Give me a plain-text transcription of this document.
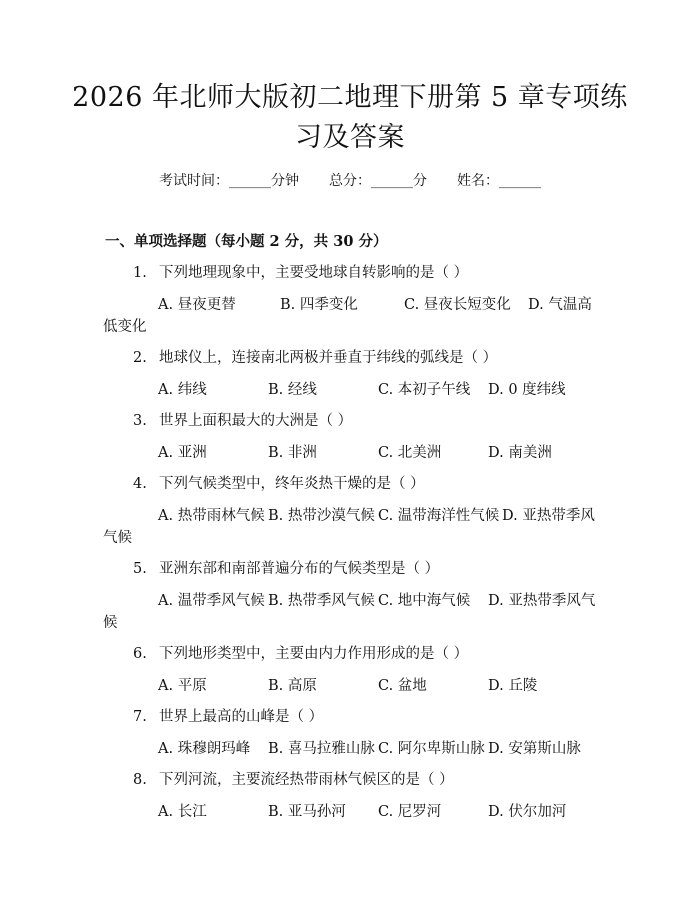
2026 年北师大版初二地理下册第 5 章专项练
习及答案
考试时间：______分钟 总分：______分 姓名：______
一、单项选择题（每小题 2 分，共 30 分）
1. 下列地理现象中，主要受地球自转影响的是（ ）
A. 昼夜更替	B. 四季变化	C. 昼夜长短变化 D. 气温高
低变化
2. 地球仪上，连接南北两极并垂直于纬线的弧线是（ ）
A. 纬线	B. 经线	C. 本初子午线 D. 0 度纬线
3. 世界上面积最大的大洲是（ ）
A. 亚洲	B. 非洲	C. 北美洲	D. 南美洲
4. 下列气候类型中，终年炎热干燥的是（ ）
A. 热带雨林气候 B. 热带沙漠气候 C. 温带海洋性气候 D. 亚热带季风
气候
5. 亚洲东部和南部普遍分布的气候类型是（ ）
A. 温带季风气候 B. 热带季风气候 C. 地中海气候 D. 亚热带季风气
候
6. 下列地形类型中，主要由内力作用形成的是（ ）
A. 平原	B. 高原	C. 盆地	D. 丘陵
7. 世界上最高的山峰是（ ）
A. 珠穆朗玛峰 B. 喜马拉雅山脉 C. 阿尔卑斯山脉 D. 安第斯山脉
8. 下列河流，主要流经热带雨林气候区的是（ ）
A. 长江	B. 亚马孙河 C. 尼罗河	D. 伏尔加河
